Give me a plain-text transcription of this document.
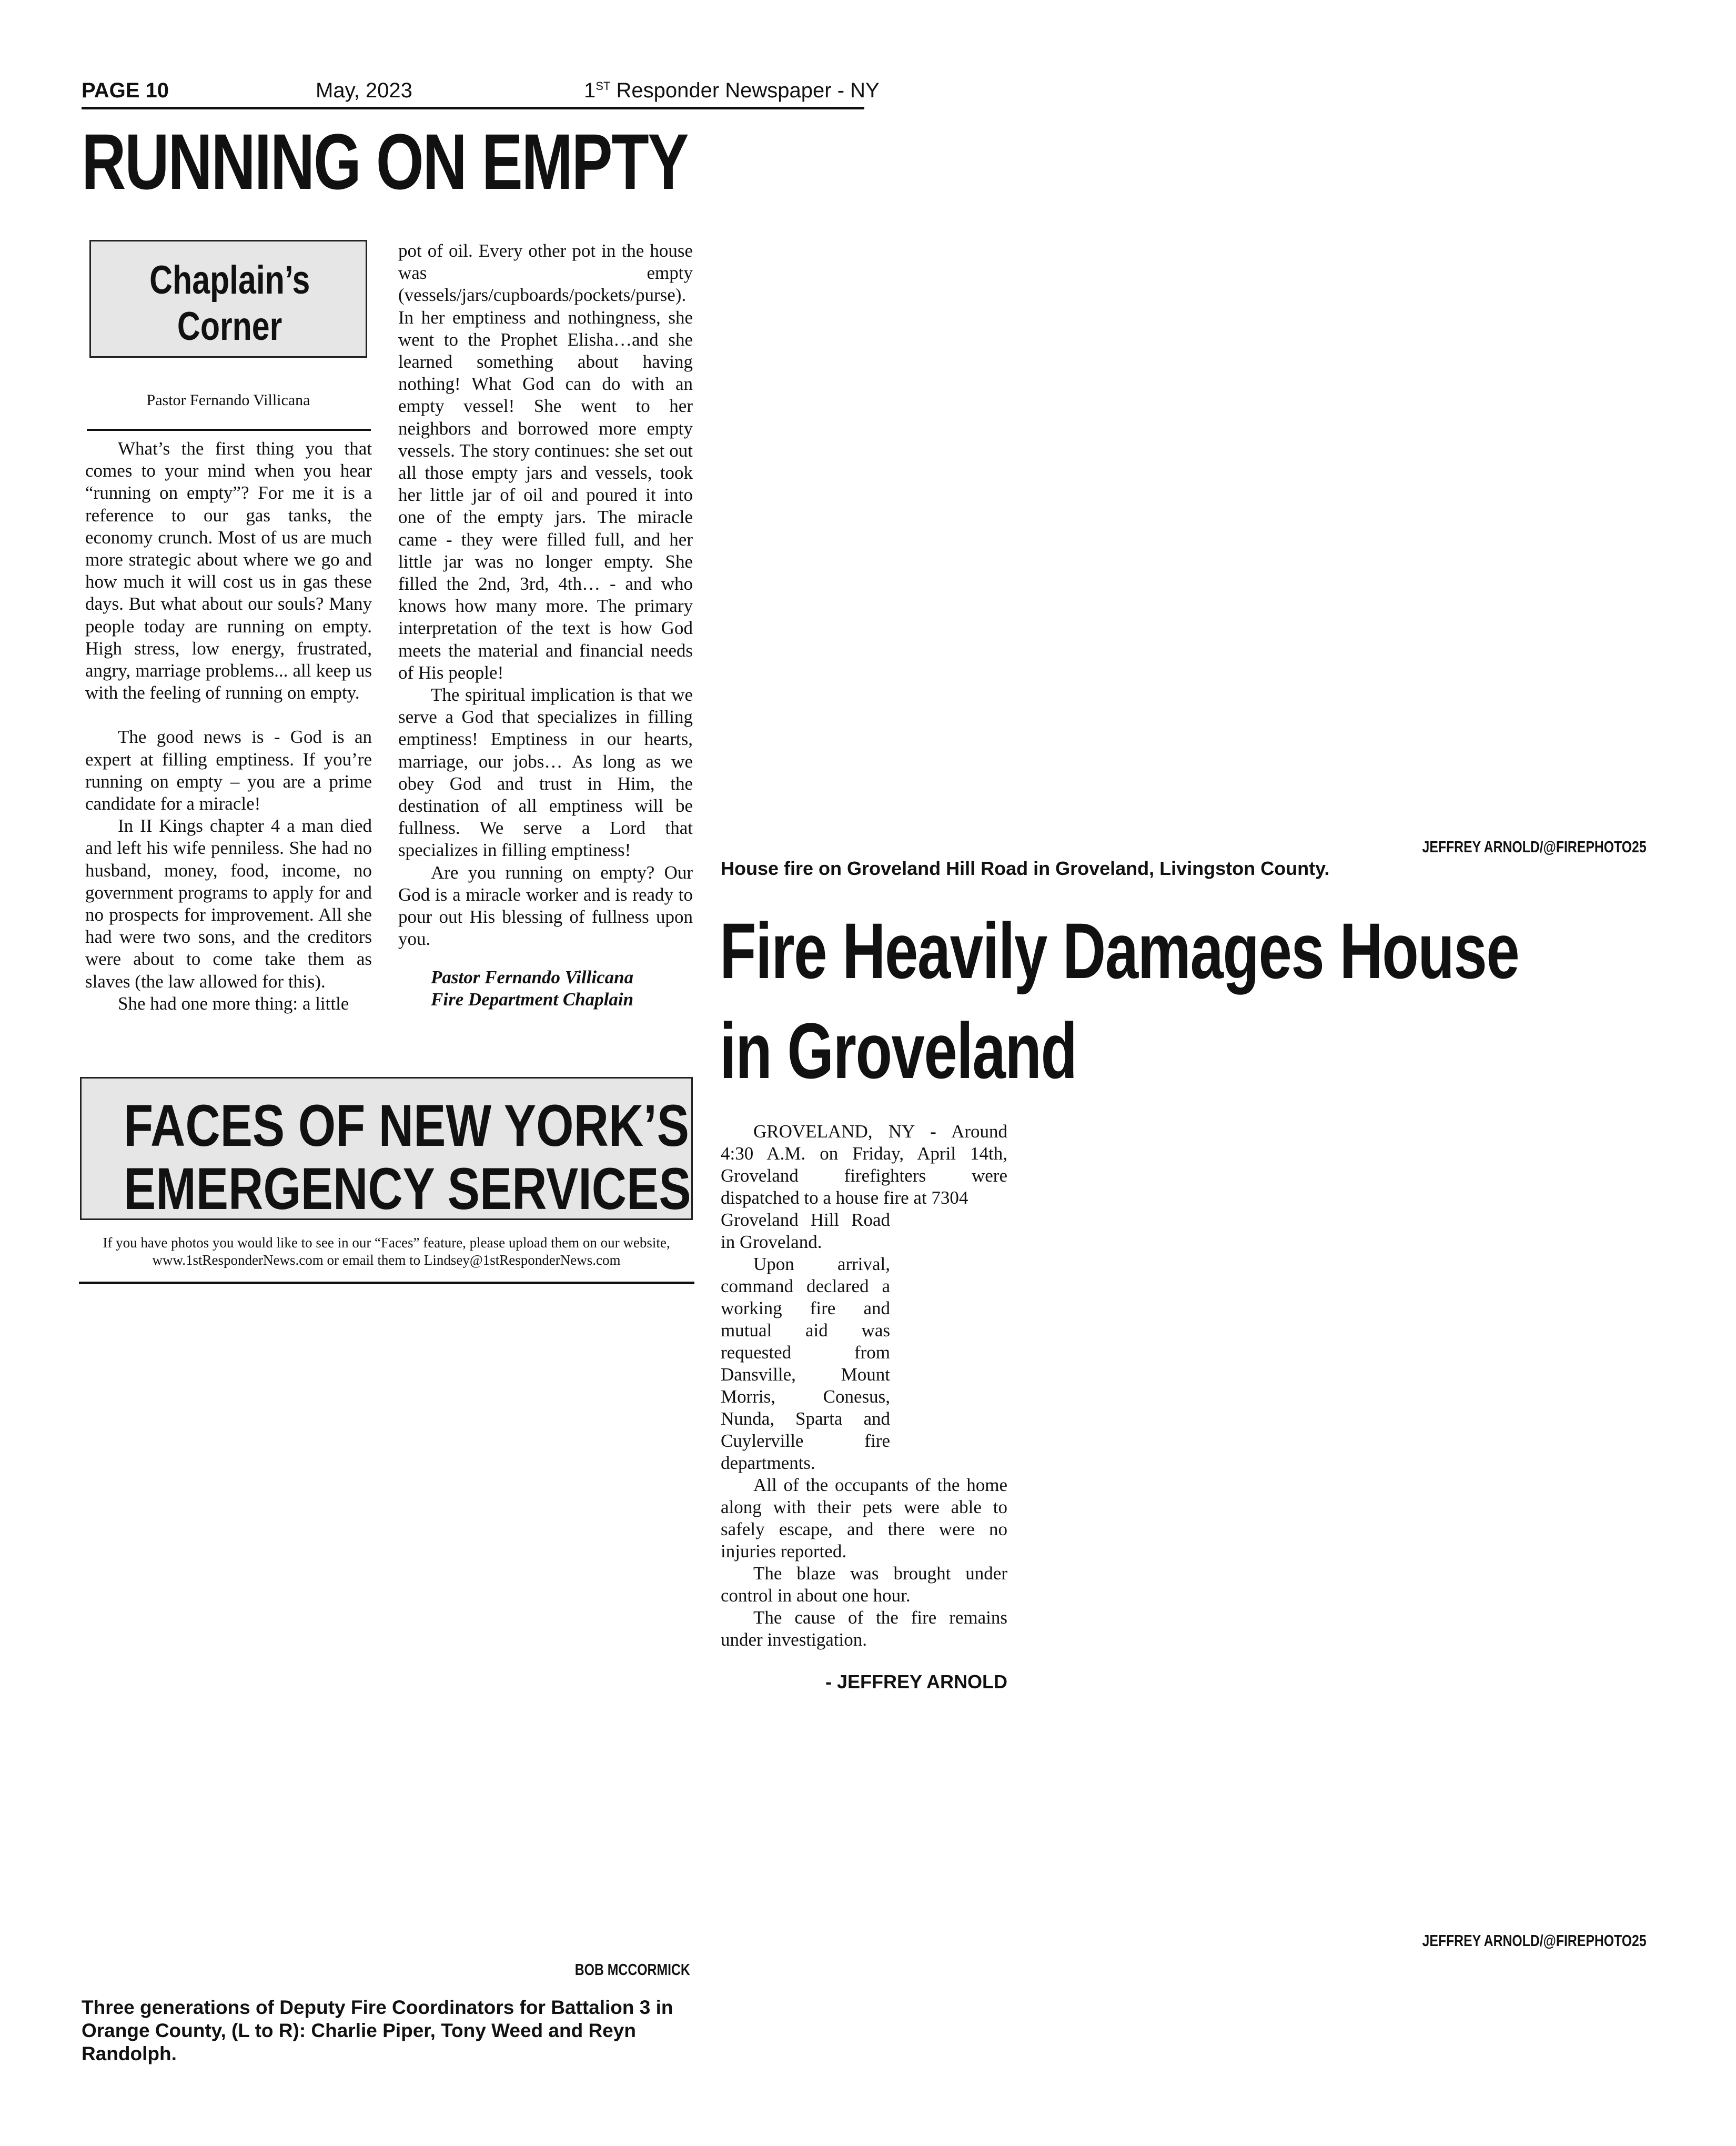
PAGE 10	May, 2023	1ST Responder Newspaper - NY
RUNNING ON EMPTY
Chaplain’s
Corner
Pastor Fernando Villicana

What’s the first thing you that comes to your mind when you hear “running on empty”? For me it is a reference to our gas tanks, the economy crunch. Most of us are much more strategic about where we go and how much it will cost us in gas these days. But what about our souls? Many people today are running on empty. High stress, low energy, frustrated, angry, marriage problems... all keep us with the feeling of running on empty.

The good news is - God is an expert at filling emptiness. If you’re running on empty – you are a prime candidate for a miracle!

In II Kings chapter 4 a man died and left his wife penniless. She had no husband, money, food, income, no government programs to apply for and no prospects for improvement. All she had were two sons, and the creditors were about to come take them as slaves (the law allowed for this).

She had one more thing: a little

pot of oil. Every other pot in the house was empty (vessels/jars/cupboards/pockets/purse). In her emptiness and nothingness, she went to the Prophet Elisha…and she learned something about having nothing! What God can do with an empty vessel! She went to her neighbors and borrowed more empty vessels. The story continues: she set out all those empty jars and vessels, took her little jar of oil and poured it into one of the empty jars. The miracle came - they were filled full, and her little jar was no longer empty. She filled the 2nd, 3rd, 4th… - and who knows how many more. The primary interpretation of the text is how God meets the material and financial needs of His people!

The spiritual implication is that we serve a God that specializes in filling emptiness! Emptiness in our hearts, marriage, our jobs… As long as we obey God and trust in Him, the destination of all emptiness will be fullness. We serve a Lord that specializes in filling emptiness!

Are you running on empty? Our God is a miracle worker and is ready to pour out His blessing of fullness upon you.

Pastor Fernando Villicana
Fire Department Chaplain
FACES OF NEW YORK’S
EMERGENCY SERVICES
If you have photos you would like to see in our “Faces” feature, please upload them on our website,
www.1stResponderNews.com or email them to Lindsey@1stResponderNews.com
BOB MCCORMICK
Three generations of Deputy Fire Coordinators for Battalion 3 in Orange County, (L to R): Charlie Piper, Tony Weed and Reyn Randolph.
JEFFREY ARNOLD/@FIREPHOTO25
House fire on Groveland Hill Road in Groveland, Livingston County.
Fire Heavily Damages House
in Groveland

GROVELAND, NY - Around 4:30 A.M. on Friday, April 14th, Groveland firefighters were dispatched to a house fire at 7304

Groveland Hill Road in Groveland.

Upon arrival, command declared a working fire and mutual aid was requested from Dansville, Mount Morris, Conesus, Nunda, Sparta and Cuylerville fire departments.

All of the occupants of the home along with their pets were able to safely escape, and there were no injuries reported.

The blaze was brought under control in about one hour.

The cause of the fire remains under investigation.

- JEFFREY ARNOLD
JEFFREY ARNOLD/@FIREPHOTO25
